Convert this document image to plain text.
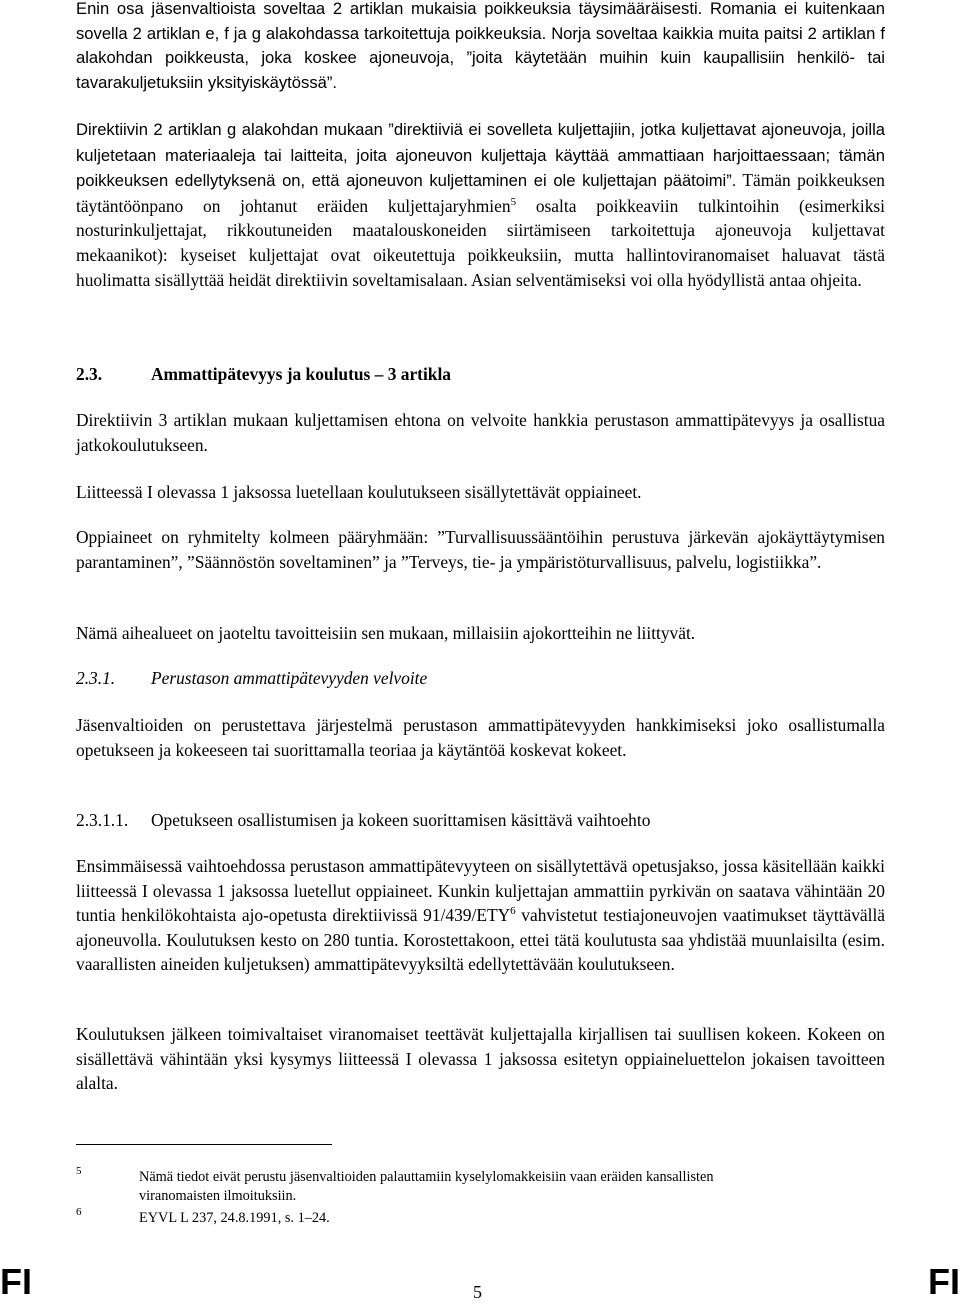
Enin osa jäsenvaltioista soveltaa 2 artiklan mukaisia poikkeuksia täysimääräisesti. Romania ei kuitenkaan sovella 2 artiklan e, f ja g alakohdassa tarkoitettuja poikkeuksia. Norja soveltaa kaikkia muita paitsi 2 artiklan f alakohdan poikkeusta, joka koskee ajoneuvoja, ”joita käytetään muihin kuin kaupallisiin henkilö- tai tavarakuljetuksiin yksityiskäytössä”.

Direktiivin 2 artiklan g alakohdan mukaan ”direktiiviä ei sovelleta kuljettajiin, jotka kuljettavat ajoneuvoja, joilla kuljetetaan materiaaleja tai laitteita, joita ajoneuvon kuljettaja käyttää ammattiaan harjoittaessaan; tämän poikkeuksen edellytyksenä on, että ajoneuvon kuljettaminen ei ole kuljettajan päätoimi”. Tämän poikkeuksen täytäntöönpano on johtanut eräiden kuljettajaryhmien$^5$ osalta poikkeaviin tulkintoihin (esimerkiksi nosturinkuljettajat, rikkoutuneiden maatalouskoneiden siirtämiseen tarkoitettuja ajoneuvoja kuljettavat mekaanikot): kyseiset kuljettajat ovat oikeutettuja poikkeuksiin, mutta hallintoviranomaiset haluavat tästä huolimatta sisällyttää heidät direktiivin soveltamisalaan. Asian selventämiseksi voi olla hyödyllistä antaa ohjeita.

2.3.	Ammattipätevyys ja koulutus – 3 artikla

Direktiivin 3 artiklan mukaan kuljettamisen ehtona on velvoite hankkia perustason ammattipätevyys ja osallistua jatkokoulutukseen.

Liitteessä I olevassa 1 jaksossa luetellaan koulutukseen sisällytettävät oppiaineet.

Oppiaineet on ryhmitelty kolmeen pääryhmään: ”Turvallisuussääntöihin perustuva järkevän ajokäyttäytymisen parantaminen”, ”Säännöstön soveltaminen” ja ”Terveys, tie- ja ympäristöturvallisuus, palvelu, logistiikka”.

Nämä aihealueet on jaoteltu tavoitteisiin sen mukaan, millaisiin ajokortteihin ne liittyvät.

2.3.1. Perustason ammattipätevyyden velvoite

Jäsenvaltioiden on perustettava järjestelmä perustason ammattipätevyyden hankkimiseksi joko osallistumalla opetukseen ja kokeeseen tai suorittamalla teoriaa ja käytäntöä koskevat kokeet.

2.3.1.1. Opetukseen osallistumisen ja kokeen suorittamisen käsittävä vaihtoehto

Ensimmäisessä vaihtoehdossa perustason ammattipätevyyteen on sisällytettävä opetusjakso, jossa käsitellään kaikki liitteessä I olevassa 1 jaksossa luetellut oppiaineet. Kunkin kuljettajan ammattiin pyrkivän on saatava vähintään 20 tuntia henkilökohtaista ajo-opetusta direktiivissä 91/439/ETY$^6$ vahvistetut testiajoneuvojen vaatimukset täyttävällä ajoneuvolla. Koulutuksen kesto on 280 tuntia. Korostettakoon, ettei tätä koulutusta saa yhdistää muunlaisilta (esim. vaarallisten aineiden kuljetuksen) ammattipätevyyksiltä edellytettävään koulutukseen.

Koulutuksen jälkeen toimivaltaiset viranomaiset teettävät kuljettajalla kirjallisen tai suullisen kokeen. Kokeen on sisällettävä vähintään yksi kysymys liitteessä I olevassa 1 jaksossa esitetyn oppiaineluettelon jokaisen tavoitteen alalta.

5	Nämä tiedot eivät perustu jäsenvaltioiden palauttamiin kyselylomakkeisiin vaan eräiden kansallisten
viranomaisten ilmoituksiin.
6	EYVL L 237, 24.8.1991, s. 1–24.
FI	5	FI
